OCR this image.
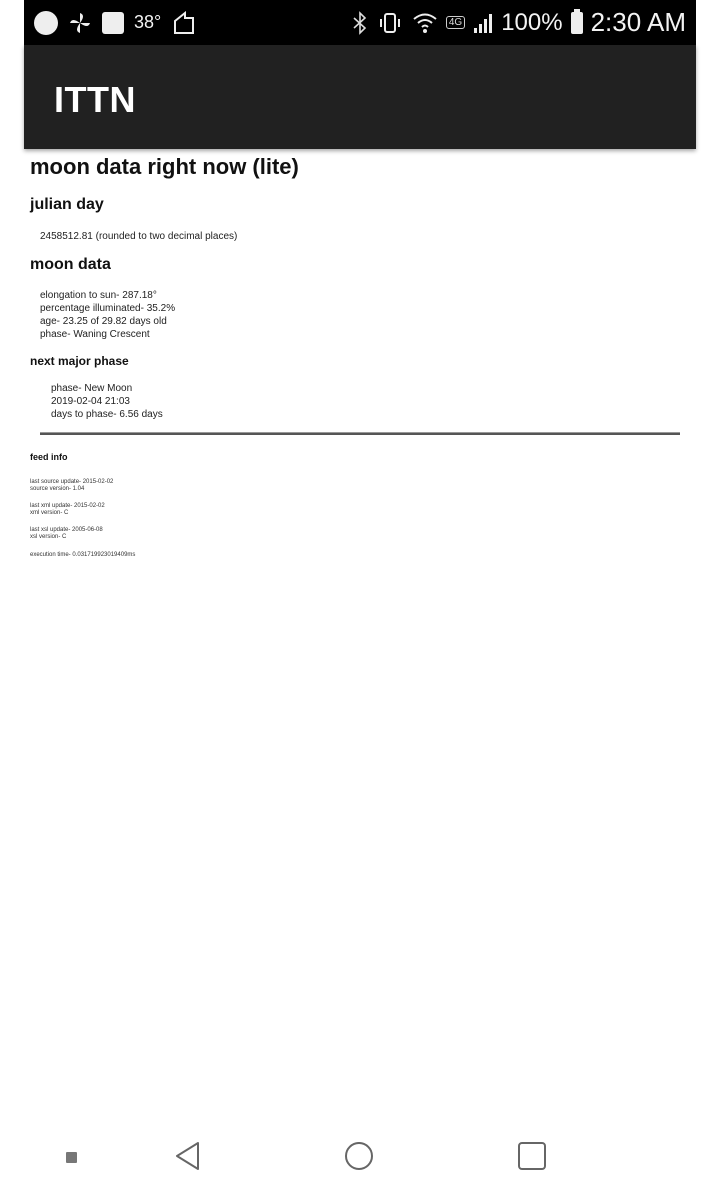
38°	4G 100% 2:30 AM
ITTN
moon data right now (lite)
julian day
2458512.81 (rounded to two decimal places)
moon data
elongation to sun- 287.18°
percentage illuminated- 35.2%
age- 23.25 of 29.82 days old
phase- Waning Crescent
next major phase
phase- New Moon
2019-02-04 21:03
days to phase- 6.56 days
feed info
last source update- 2015-02-02
source version- 1.04
last xml update- 2015-02-02
xml version- C
last xsl update- 2005-06-08
xsl version- C
execution time- 0.031719923019409ms
